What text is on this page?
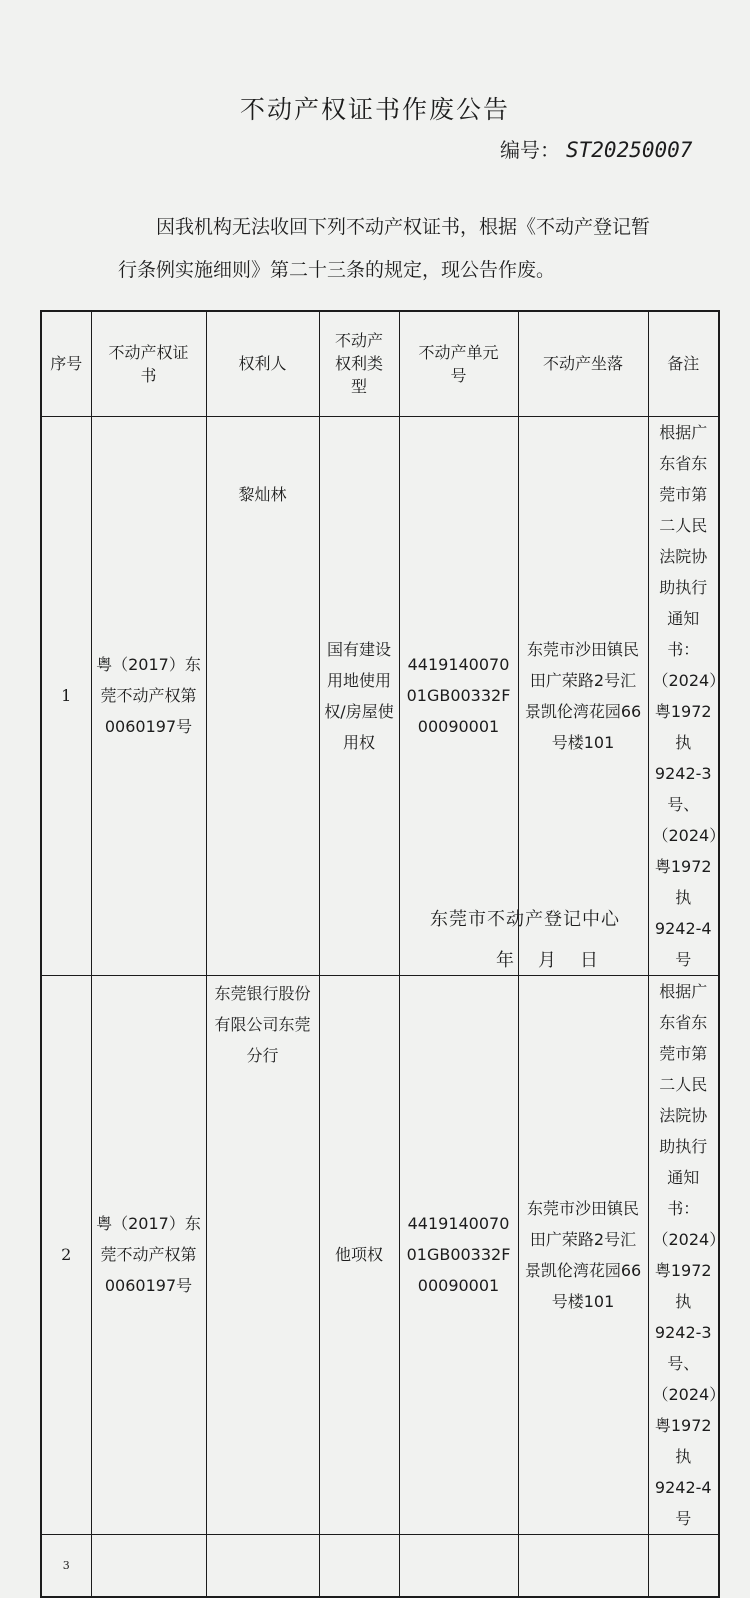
不动产权证书作废公告
编号： ST20250007
因我机构无法收回下列不动产权证书，根据《不动产登记暂行条例实施细则》第二十三条的规定，现公告作废。
序号	不动产权证书	权利人	不动产权利类型	不动产单元号	不动产坐落	备注
1	粤（2017）东莞不动产权第0060197号	黎灿林	国有建设用地使用权/房屋使用权	441914007001GB00332F00090001	东莞市沙田镇民田广荣路2号汇景凯伦湾花园66号楼101	根据广东省东莞市第二人民法院协助执行通知书：（2024）粤1972执9242-3号、（2024）粤1972执9242-4号
2	粤（2017）东莞不动产权第0060197号	东莞银行股份有限公司东莞分行	他项权	441914007001GB00332F00090001	东莞市沙田镇民田广荣路2号汇景凯伦湾花园66号楼101	根据广东省东莞市第二人民法院协助执行通知书：（2024）粤1972执9242-3号、（2024）粤1972执9242-4号
3						
东莞市不动产登记中心
年 月 日
